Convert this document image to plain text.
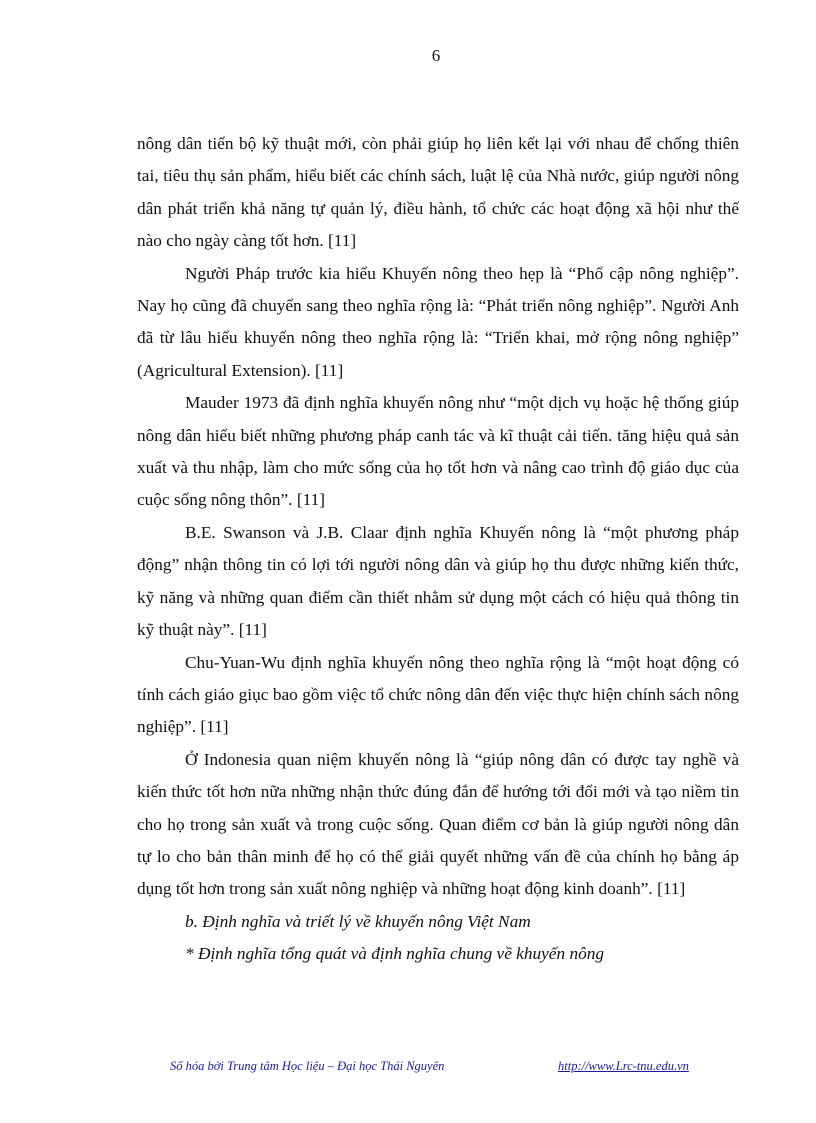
6

nông dân tiến bộ kỹ thuật mới, còn phải giúp họ liên kết lại với nhau để chống thiên tai, tiêu thụ sản phẩm, hiểu biết các chính sách, luật lệ của Nhà nước, giúp người nông dân phát triển khả năng tự quản lý, điều hành, tổ chức các hoạt động xã hội như thế nào cho ngày càng tốt hơn. [11]

Người Pháp trước kia hiểu Khuyến nông theo hẹp là “Phổ cập nông nghiệp”. Nay họ cũng đã chuyển sang theo nghĩa rộng là: “Phát triển nông nghiệp”. Người Anh đã từ lâu hiểu khuyến nông theo nghĩa rộng là: “Triển khai, mở rộng nông nghiệp” (Agricultural Extension). [11]

Mauder 1973 đã định nghĩa khuyến nông như “một dịch vụ hoặc hệ thống giúp nông dân hiểu biết những phương pháp canh tác và kĩ thuật cải tiến. tăng hiệu quả sản xuất và thu nhập, làm cho mức sống của họ tốt hơn và nâng cao trình độ giáo dục của cuộc sống nông thôn”. [11]

B.E. Swanson và J.B. Claar định nghĩa Khuyến nông là “một phương pháp động” nhận thông tin có lợi tới người nông dân và giúp họ thu được những kiến thức, kỹ năng và những quan điểm cần thiết nhằm sử dụng một cách có hiệu quả thông tin kỹ thuật này”. [11]

Chu-Yuan-Wu định nghĩa khuyến nông theo nghĩa rộng là “một hoạt động có tính cách giáo giục bao gồm việc tổ chức nông dân đến việc thực hiện chính sách nông nghiệp”. [11]

Ở Indonesia quan niệm khuyến nông là “giúp nông dân có được tay nghề và kiến thức tốt hơn nữa những nhận thức đúng đắn để hướng tới đổi mới và tạo niềm tin cho họ trong sản xuất và trong cuộc sống. Quan điểm cơ bản là giúp người nông dân tự lo cho bản thân minh để họ có thể giải quyết những vấn đề của chính họ bằng áp dụng tốt hơn trong sản xuất nông nghiệp và những hoạt động kinh doanh”. [11]

b. Định nghĩa và triết lý về khuyến nông Việt Nam

* Định nghĩa tổng quát và định nghĩa chung về khuyến nông

Số hóa bởi Trung tâm Học liệu – Đại học Thái Nguyên	http://www.Lrc-tnu.edu.vn
